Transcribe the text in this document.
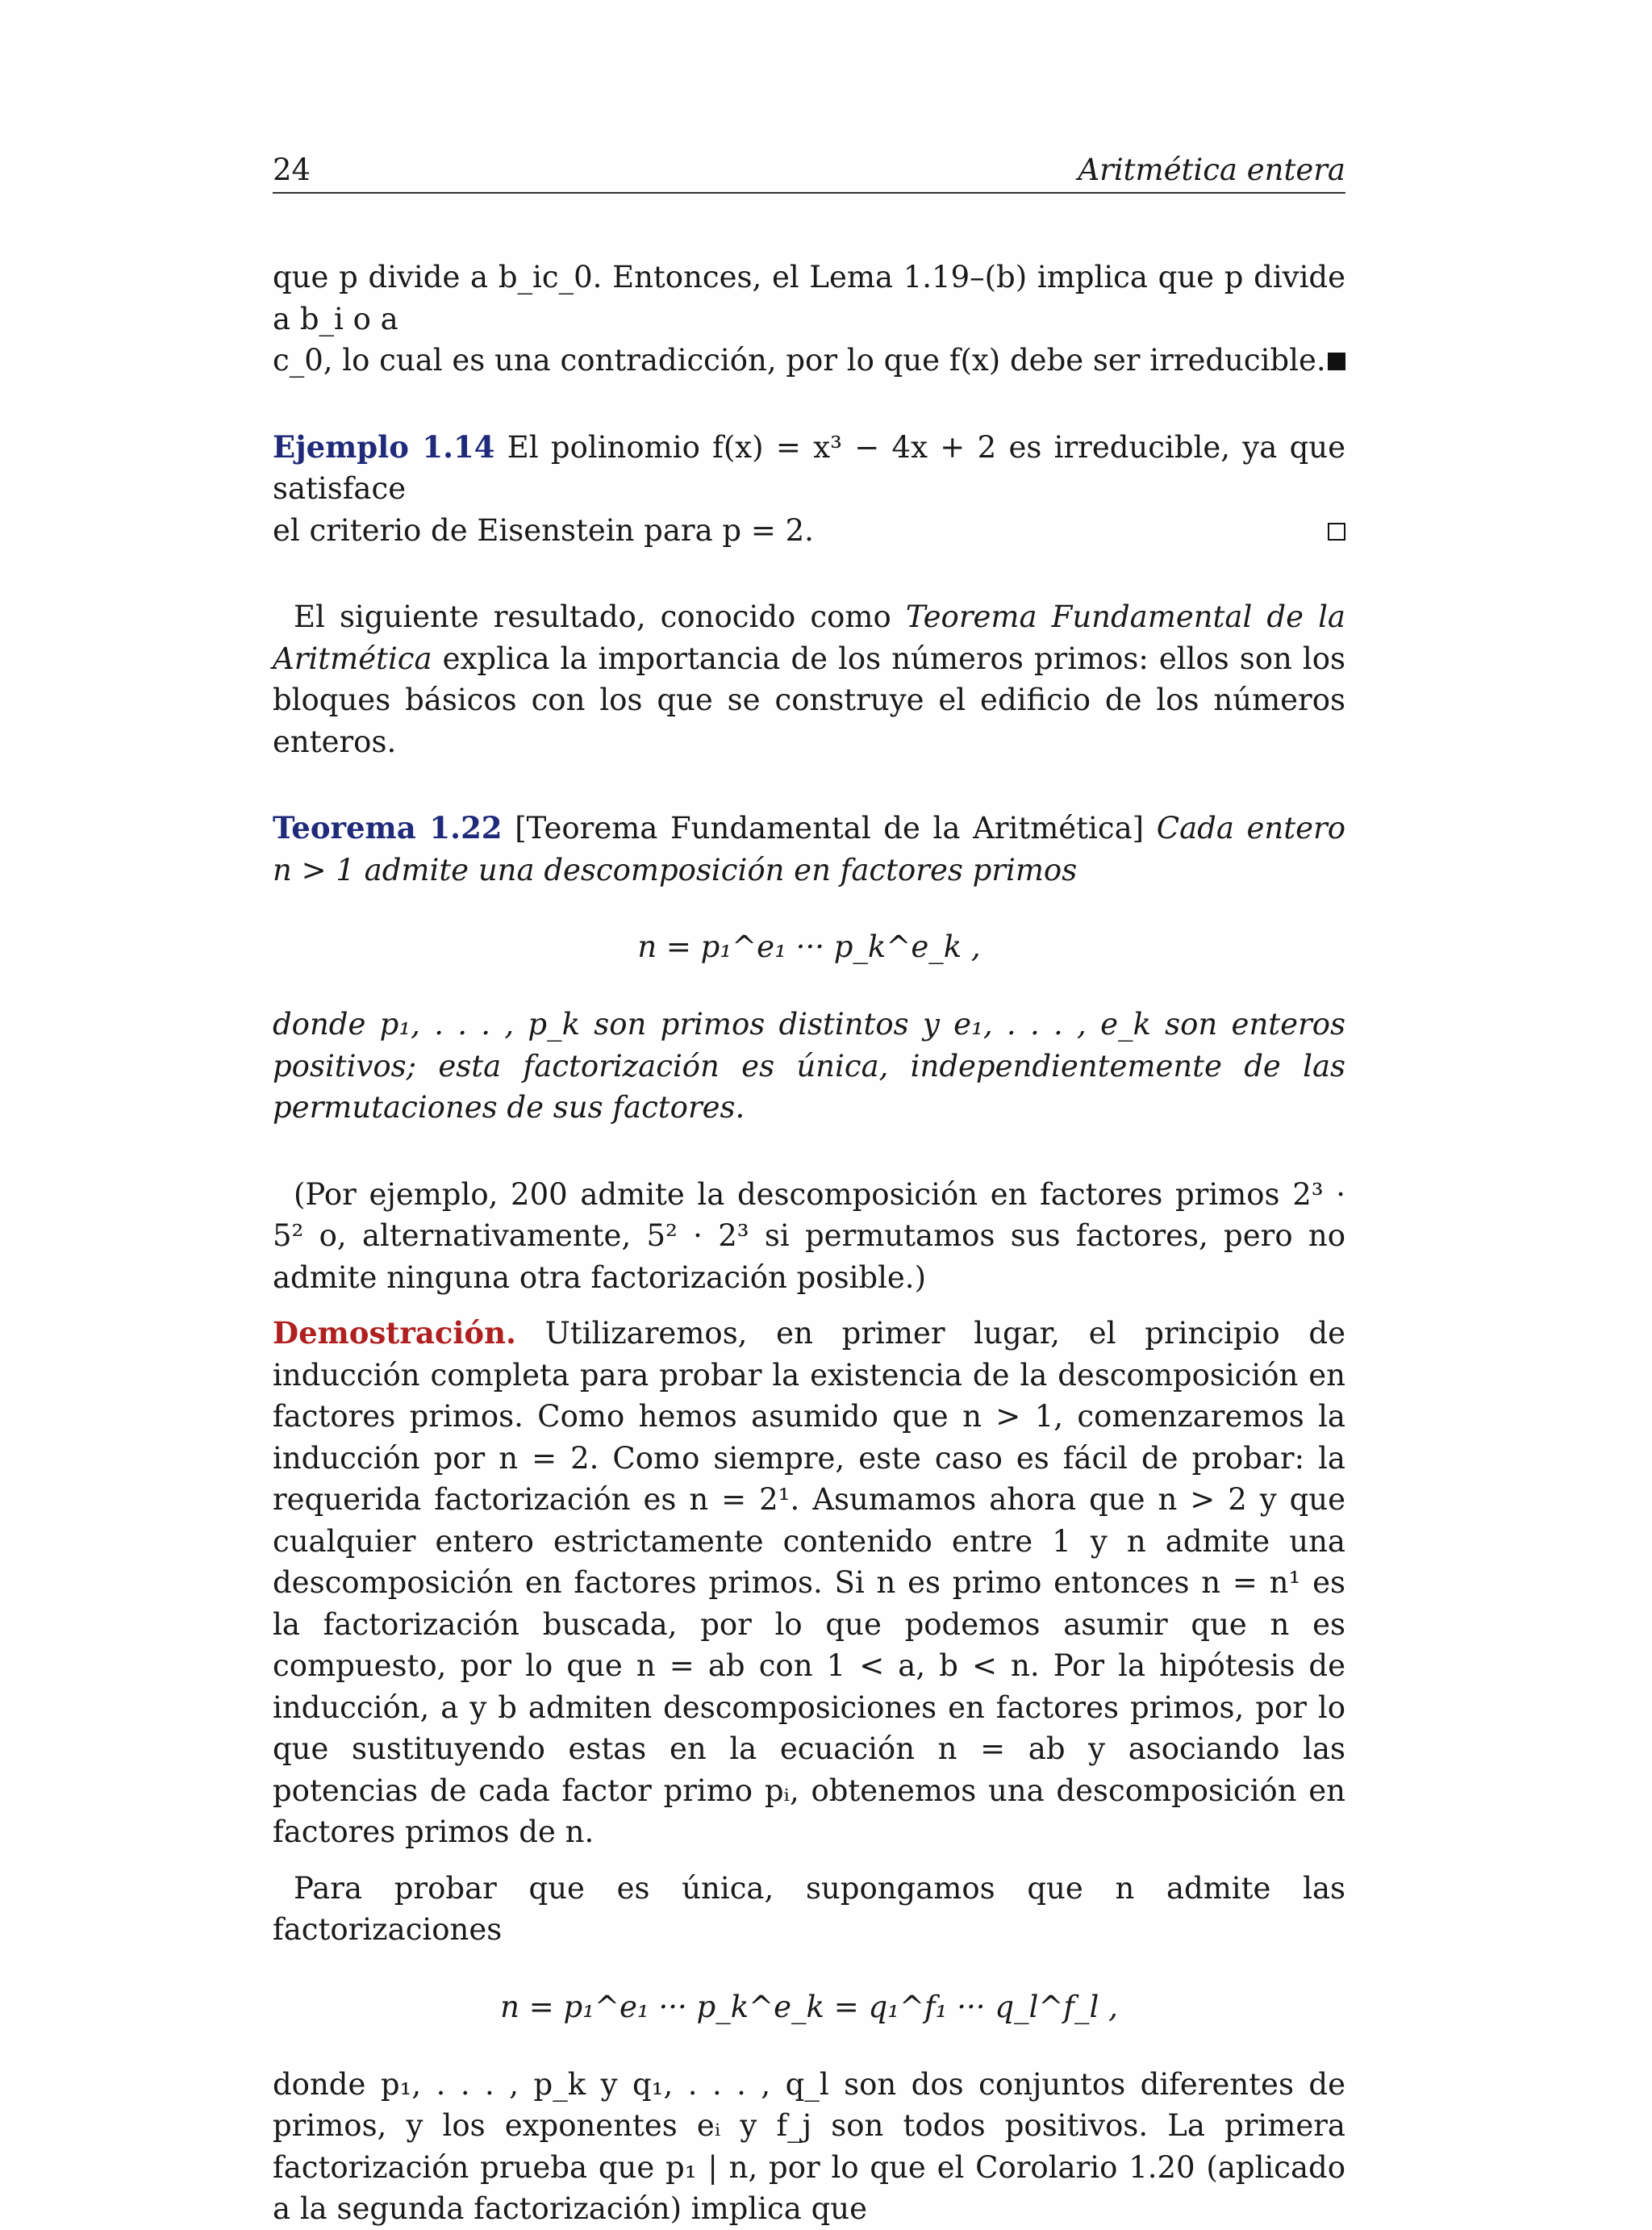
24	Aritmética entera

que p divide a b_ic_0. Entonces, el Lema 1.19–(b) implica que p divide a b_i o a

c_0, lo cual es una contradicción, por lo que f(x) debe ser irreducible.

Ejemplo 1.14 El polinomio f(x) = x³ − 4x + 2 es irreducible, ya que satisface

el criterio de Eisenstein para p = 2.

El siguiente resultado, conocido como Teorema Fundamental de la Aritmética explica la importancia de los números primos: ellos son los bloques básicos con los que se construye el edificio de los números enteros.

Teorema 1.22 [Teorema Fundamental de la Aritmética] Cada entero n > 1 admite una descomposición en factores primos

n = p₁^e₁ ··· p_k^e_k ,

donde p₁, . . . , p_k son primos distintos y e₁, . . . , e_k son enteros positivos; esta factorización es única, independientemente de las permutaciones de sus factores.

(Por ejemplo, 200 admite la descomposición en factores primos 2³ · 5² o, alternativamente, 5² · 2³ si permutamos sus factores, pero no admite ninguna otra factorización posible.)

Demostración. Utilizaremos, en primer lugar, el principio de inducción completa para probar la existencia de la descomposición en factores primos. Como hemos asumido que n > 1, comenzaremos la inducción por n = 2. Como siempre, este caso es fácil de probar: la requerida factorización es n = 2¹. Asumamos ahora que n > 2 y que cualquier entero estrictamente contenido entre 1 y n admite una descomposición en factores primos. Si n es primo entonces n = n¹ es la factorización buscada, por lo que podemos asumir que n es compuesto, por lo que n = ab con 1 < a, b < n. Por la hipótesis de inducción, a y b admiten descomposiciones en factores primos, por lo que sustituyendo estas en la ecuación n = ab y asociando las potencias de cada factor primo pᵢ, obtenemos una descomposición en factores primos de n.

Para probar que es única, supongamos que n admite las factorizaciones

n = p₁^e₁ ··· p_k^e_k = q₁^f₁ ··· q_l^f_l ,

donde p₁, . . . , p_k y q₁, . . . , q_l son dos conjuntos diferentes de primos, y los exponentes eᵢ y f_j son todos positivos. La primera factorización prueba que p₁ | n, por lo que el Corolario 1.20 (aplicado a la segunda factorización) implica que
